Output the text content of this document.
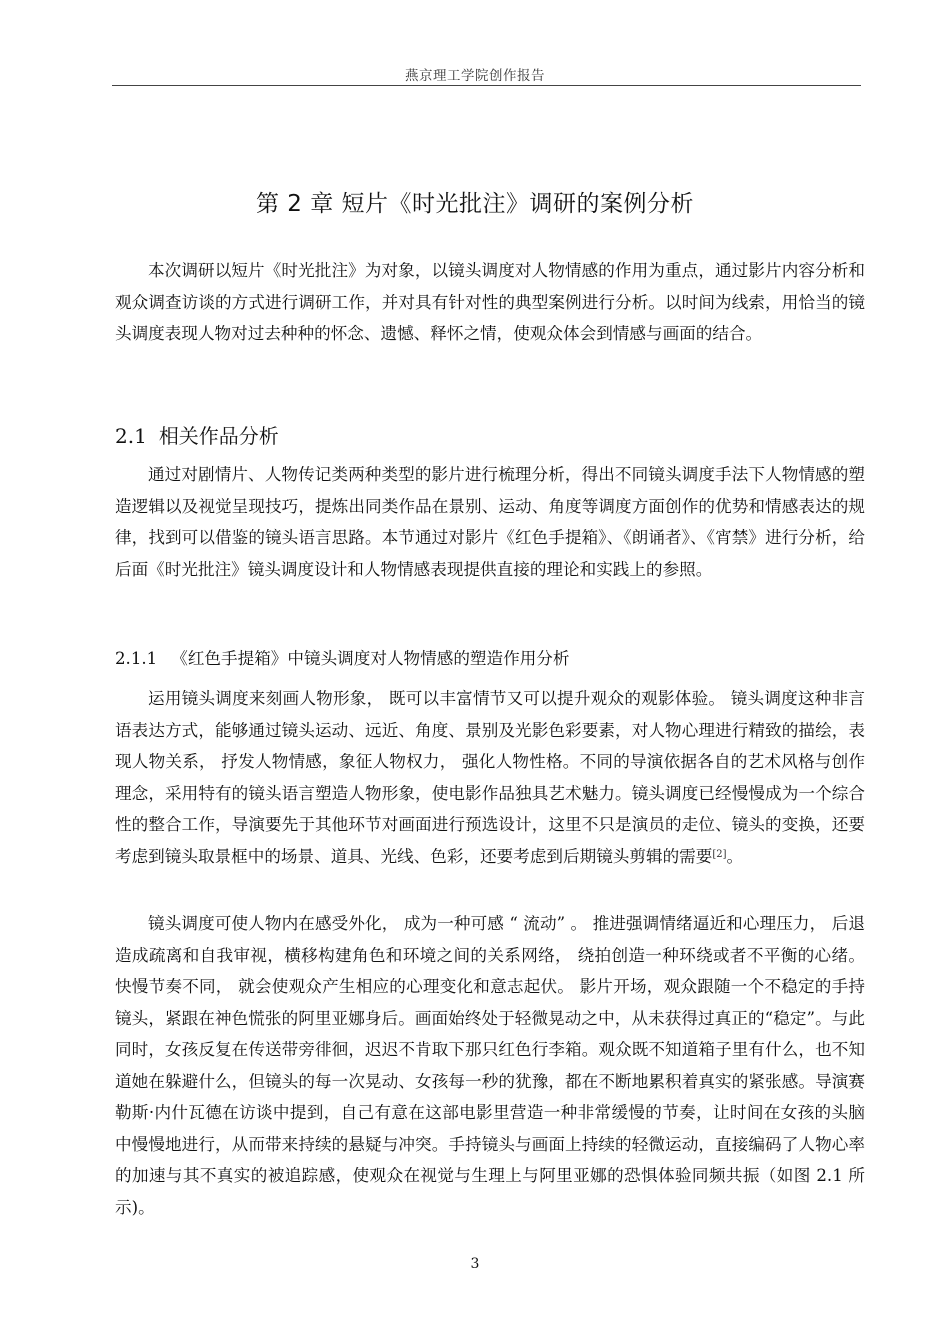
燕京理工学院创作报告
第 2 章 短片《时光批注》调研的案例分析

本次调研以短片《时光批注》为对象，以镜头调度对人物情感的作用为重点，通过影片内容分析和观众调查访谈的方式进行调研工作，并对具有针对性的典型案例进行分析。以时间为线索，用恰当的镜头调度表现人物对过去种种的怀念、遗憾、释怀之情，使观众体会到情感与画面的结合。

2.1 相关作品分析

通过对剧情片、人物传记类两种类型的影片进行梳理分析，得出不同镜头调度手法下人物情感的塑造逻辑以及视觉呈现技巧，提炼出同类作品在景别、运动、角度等调度方面创作的优势和情感表达的规律，找到可以借鉴的镜头语言思路。本节通过对影片《红色手提箱》、《朗诵者》、《宵禁》进行分析，给后面《时光批注》镜头调度设计和人物情感表现提供直接的理论和实践上的参照。

2.1.1 《红色手提箱》中镜头调度对人物情感的塑造作用分析

运用镜头调度来刻画人物形象， 既可以丰富情节又可以提升观众的观影体验。 镜头调度这种非言语表达方式，能够通过镜头运动、远近、角度、景别及光影色彩要素，对人物心理进行精致的描绘，表现人物关系， 抒发人物情感，象征人物权力， 强化人物性格。不同的导演依据各自的艺术风格与创作理念，采用特有的镜头语言塑造人物形象，使电影作品独具艺术魅力。镜头调度已经慢慢成为一个综合性的整合工作，导演要先于其他环节对画面进行预选设计，这里不只是演员的走位、镜头的变换，还要考虑到镜头取景框中的场景、道具、光线、色彩，还要考虑到后期镜头剪辑的需要[2]。

镜头调度可使人物内在感受外化， 成为一种可感 “ 流动” 。 推进强调情绪逼近和心理压力， 后退造成疏离和自我审视，横移构建角色和环境之间的关系网络， 绕拍创造一种环绕或者不平衡的心绪。 快慢节奏不同， 就会使观众产生相应的心理变化和意志起伏。 影片开场，观众跟随一个不稳定的手持镜头，紧跟在神色慌张的阿里亚娜身后。画面始终处于轻微晃动之中，从未获得过真正的“稳定”。与此同时，女孩反复在传送带旁徘徊，迟迟不肯取下那只红色行李箱。观众既不知道箱子里有什么，也不知道她在躲避什么，但镜头的每一次晃动、女孩每一秒的犹豫，都在不断地累积着真实的紧张感。导演赛勒斯·内什瓦德在访谈中提到，自己有意在这部电影里营造一种非常缓慢的节奏，让时间在女孩的头脑中慢慢地进行，从而带来持续的悬疑与冲突。手持镜头与画面上持续的轻微运动，直接编码了人物心率的加速与其不真实的被追踪感，使观众在视觉与生理上与阿里亚娜的恐惧体验同频共振（如图 2.1 所示)。

3
